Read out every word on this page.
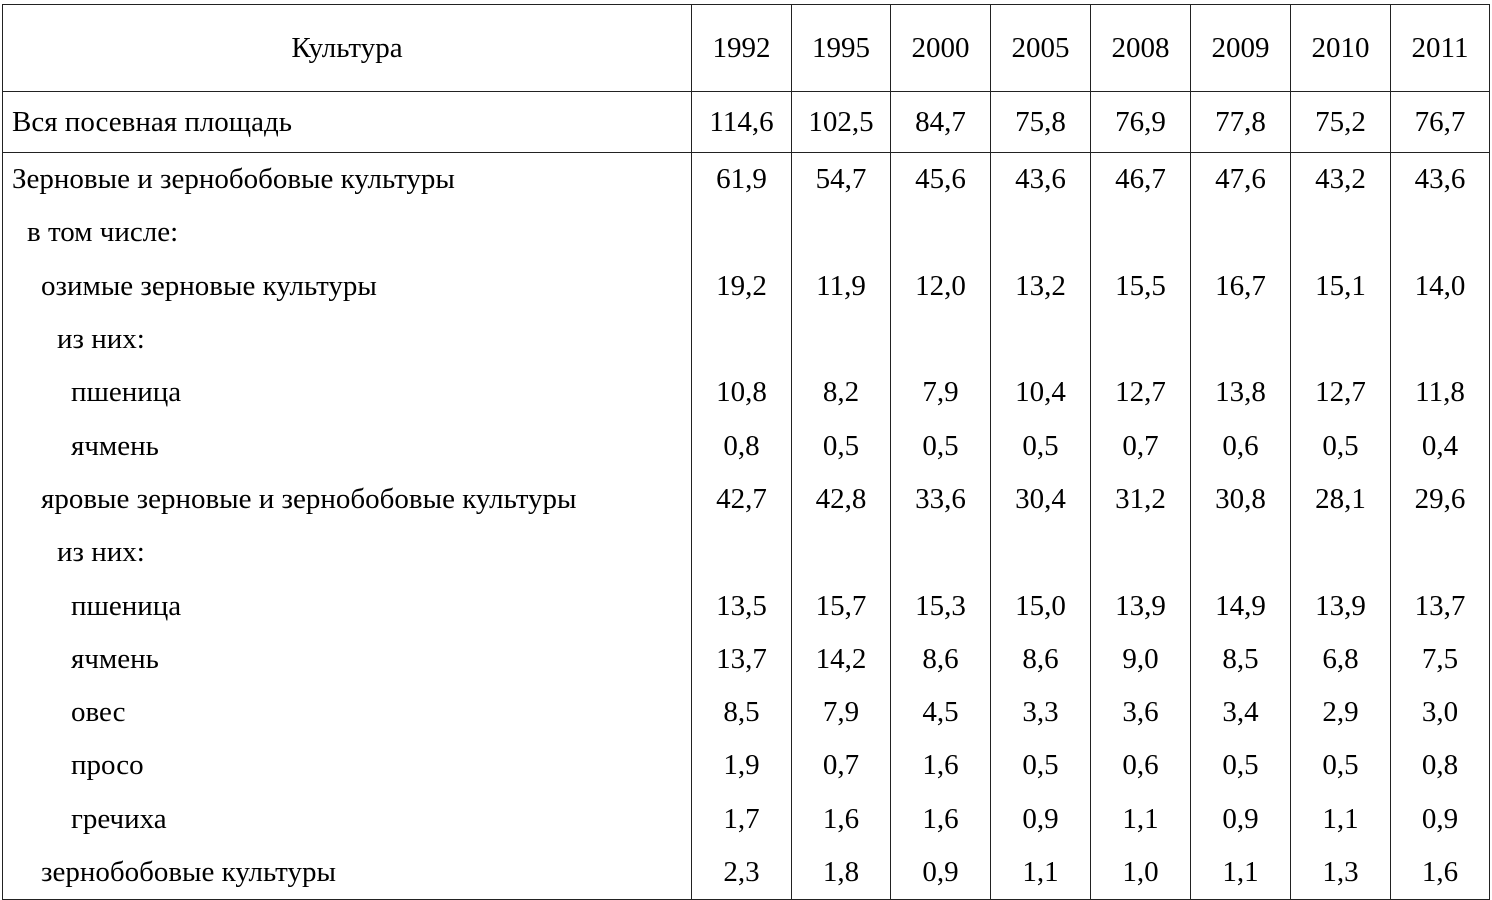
Культура	1992	1995	2000	2005	2008	2009	2010	2011
Вся посевная площадь	114,6	102,5	84,7	75,8	76,9	77,8	75,2	76,7
Зерновые и зернобобовые культуры	61,9	54,7	45,6	43,6	46,7	47,6	43,2	43,6
в том числе:								
озимые зерновые культуры	19,2	11,9	12,0	13,2	15,5	16,7	15,1	14,0
из них:								
пшеница	10,8	8,2	7,9	10,4	12,7	13,8	12,7	11,8
ячмень	0,8	0,5	0,5	0,5	0,7	0,6	0,5	0,4
яровые зерновые и зернобобовые культуры	42,7	42,8	33,6	30,4	31,2	30,8	28,1	29,6
из них:								
пшеница	13,5	15,7	15,3	15,0	13,9	14,9	13,9	13,7
ячмень	13,7	14,2	8,6	8,6	9,0	8,5	6,8	7,5
овес	8,5	7,9	4,5	3,3	3,6	3,4	2,9	3,0
просо	1,9	0,7	1,6	0,5	0,6	0,5	0,5	0,8
гречиха	1,7	1,6	1,6	0,9	1,1	0,9	1,1	0,9
зернобобовые культуры	2,3	1,8	0,9	1,1	1,0	1,1	1,3	1,6
